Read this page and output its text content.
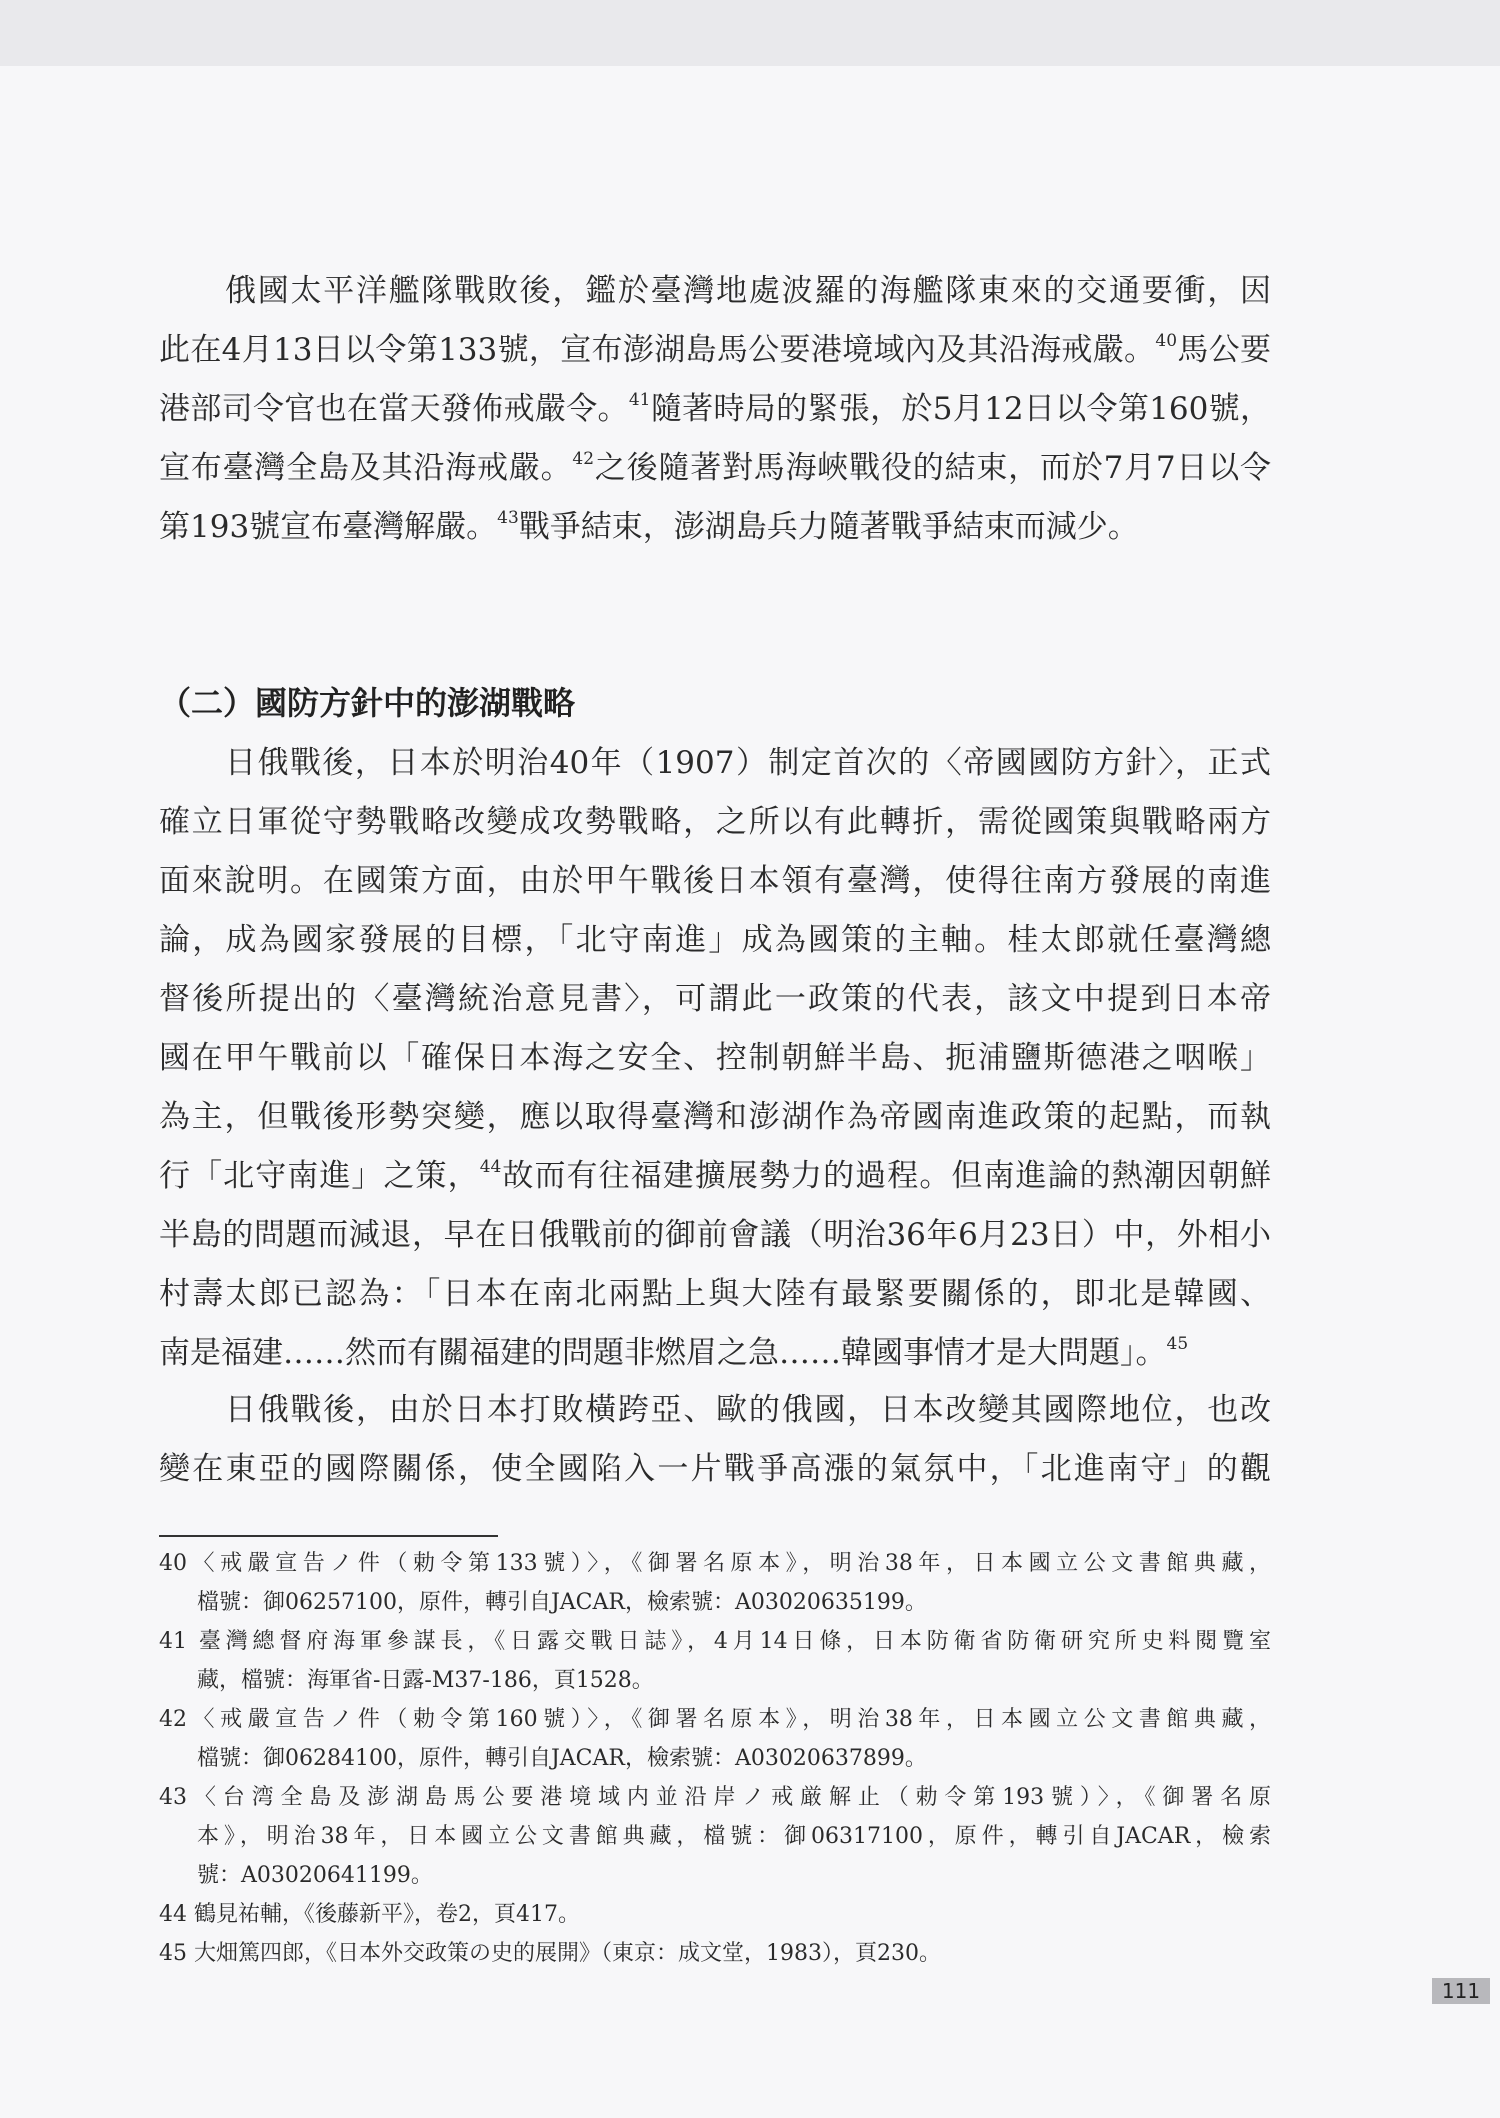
俄國太平洋艦隊戰敗後，鑑於臺灣地處波羅的海艦隊東來的交通要衝，因
此在4月13日以令第133號，宣布澎湖島馬公要港境域內及其沿海戒嚴。$^{40}$馬公要
港部司令官也在當天發佈戒嚴令。$^{41}$隨著時局的緊張，於5月12日以令第160號，
宣布臺灣全島及其沿海戒嚴。$^{42}$之後隨著對馬海峽戰役的結束，而於7月7日以令
第193號宣布臺灣解嚴。$^{43}$戰爭結束，澎湖島兵力隨著戰爭結束而減少。
（二）國防方針中的澎湖戰略
日俄戰後，日本於明治40年（1907）制定首次的〈帝國國防方針〉，正式
確立日軍從守勢戰略改變成攻勢戰略，之所以有此轉折，需從國策與戰略兩方
面來說明。在國策方面，由於甲午戰後日本領有臺灣，使得往南方發展的南進
論，成為國家發展的目標，「北守南進」成為國策的主軸。桂太郎就任臺灣總
督後所提出的〈臺灣統治意見書〉，可謂此一政策的代表，該文中提到日本帝
國在甲午戰前以「確保日本海之安全、控制朝鮮半島、扼浦鹽斯德港之咽喉」
為主，但戰後形勢突變，應以取得臺灣和澎湖作為帝國南進政策的起點，而執
行「北守南進」之策，$^{44}$故而有往福建擴展勢力的過程。但南進論的熱潮因朝鮮
半島的問題而減退，早在日俄戰前的御前會議（明治36年6月23日）中，外相小
村壽太郎已認為：「日本在南北兩點上與大陸有最緊要關係的，即北是韓國、
南是福建……然而有關福建的問題非燃眉之急……韓國事情才是大問題」。$^{45}$
日俄戰後，由於日本打敗橫跨亞、歐的俄國，日本改變其國際地位，也改
變在東亞的國際關係，使全國陷入一片戰爭高漲的氣氛中，「北進南守」的觀
40〈戒嚴宣告ノ件（勅令第133號）〉，《御署名原本》，明治38年，日本國立公文書館典藏，
檔號：御06257100，原件，轉引自JACAR，檢索號：A03020635199。
41 臺灣總督府海軍參謀長，《日露交戰日誌》，4月14日條，日本防衛省防衛研究所史料閱覽室
藏，檔號：海軍省-日露-M37-186，頁1528。
42〈戒嚴宣告ノ件（勅令第160號）〉，《御署名原本》，明治38年，日本國立公文書館典藏，
檔號：御06284100，原件，轉引自JACAR，檢索號：A03020637899。
43〈台湾全島及澎湖島馬公要港境域内並沿岸ノ戒厳解止（勅令第193號）〉，《御署名原
本》，明治38年，日本國立公文書館典藏，檔號：御06317100，原件，轉引自JACAR，檢索
號：A03020641199。
44 鶴見祐輔，《後藤新平》，卷2，頁417。
45 大畑篤四郎，《日本外交政策の史的展開》（東京：成文堂，1983），頁230。
111
